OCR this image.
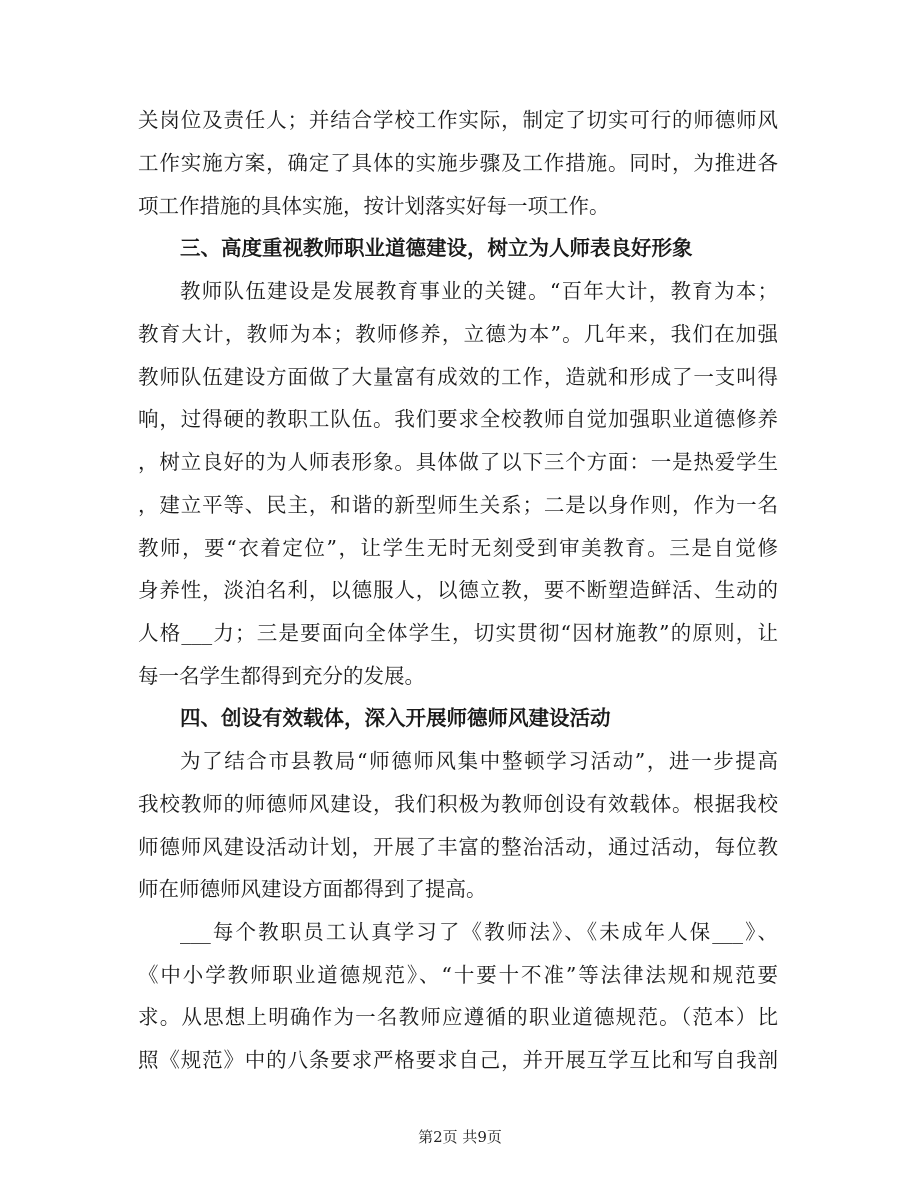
关岗位及责任人；并结合学校工作实际，制定了切实可行的师德师风
工作实施方案，确定了具体的实施步骤及工作措施。同时，为推进各
项工作措施的具体实施，按计划落实好每一项工作。
三、高度重视教师职业道德建设，树立为人师表良好形象
教师队伍建设是发展教育事业的关键。“百年大计，教育为本；
教育大计，教师为本；教师修养，立德为本”。几年来，我们在加强
教师队伍建设方面做了大量富有成效的工作，造就和形成了一支叫得
响，过得硬的教职工队伍。我们要求全校教师自觉加强职业道德修养
，树立良好的为人师表形象。具体做了以下三个方面：一是热爱学生
，建立平等、民主，和谐的新型师生关系；二是以身作则，作为一名
教师，要“衣着定位”，让学生无时无刻受到审美教育。三是自觉修
身养性，淡泊名利，以德服人，以德立教，要不断塑造鲜活、生动的
人格___力；三是要面向全体学生，切实贯彻“因材施教”的原则，让
每一名学生都得到充分的发展。
四、创设有效载体，深入开展师德师风建设活动
为了结合市县教局“师德师风集中整顿学习活动”，进一步提高
我校教师的师德师风建设，我们积极为教师创设有效载体。根据我校
师德师风建设活动计划，开展了丰富的整治活动，通过活动，每位教
师在师德师风建设方面都得到了提高。
___每个教职员工认真学习了《教师法》、《未成年人保___》、
《中小学教师职业道德规范》、“十要十不准”等法律法规和规范要
求。从思想上明确作为一名教师应遵循的职业道德规范。（范本）比
照《规范》中的八条要求严格要求自己，并开展互学互比和写自我剖
第2页 共9页
